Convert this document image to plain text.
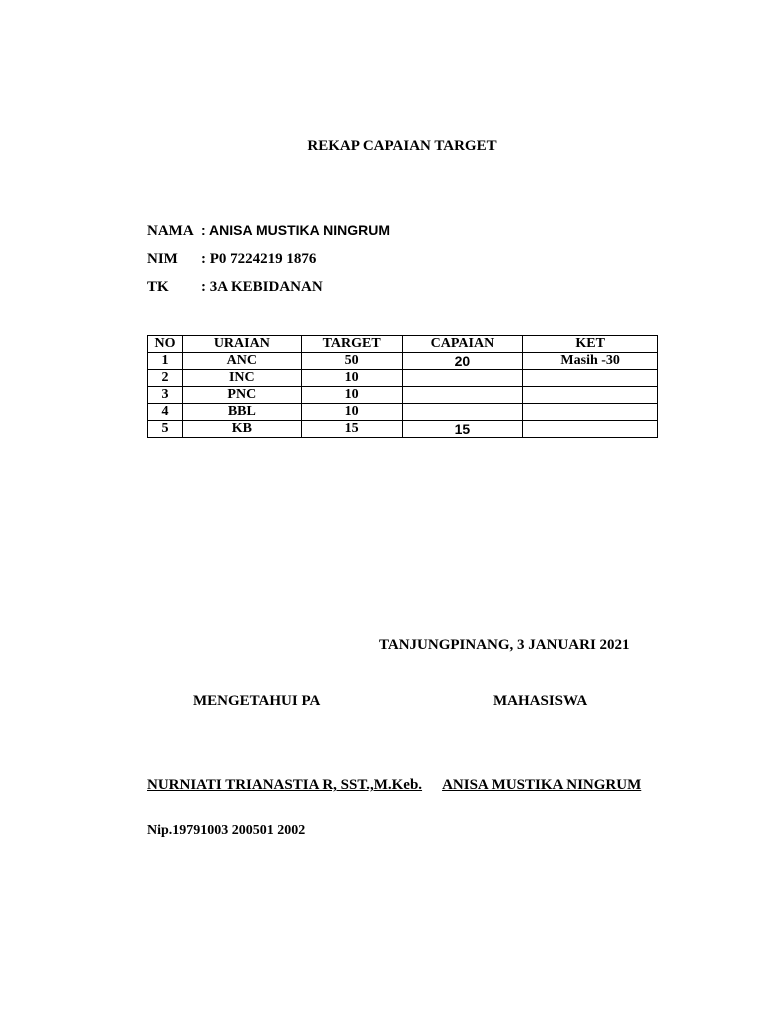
REKAP CAPAIAN TARGET
NAMA : ANISA MUSTIKA NINGRUM
NIM : P0 7224219 1876
TK : 3A KEBIDANAN
NO	URAIAN	TARGET	CAPAIAN	KET
1	ANC	50	20	Masih -30
2	INC	10		
3	PNC	10		
4	BBL	10		
5	KB	15	15	
TANJUNGPINANG, 3 JANUARI 2021
MENGETAHUI PA	MAHASISWA
NURNIATI TRIANASTIA R, SST.,M.Keb. ANISA MUSTIKA NINGRUM
Nip.19791003 200501 2002
